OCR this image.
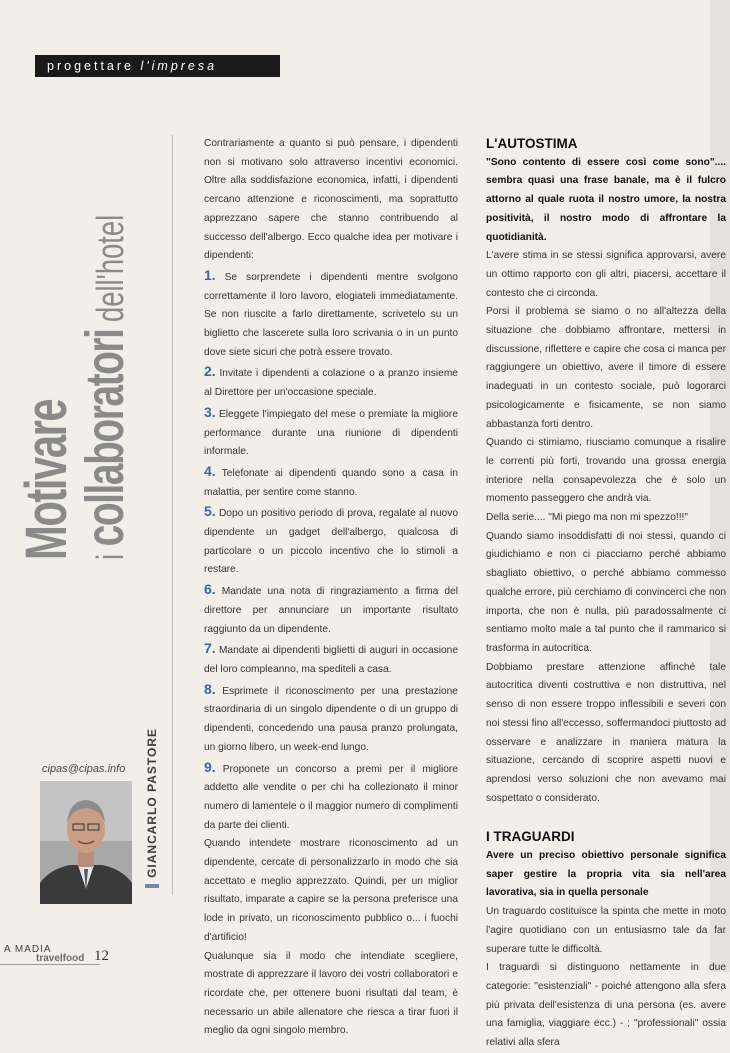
progettare l'impresa
Motivare i collaboratori dell'hotel
cipas@cipas.info GIANCARLO PASTORE

Contrariamente a quanto si può pensare, i dipendenti non si motivano solo attraverso incentivi economici. Oltre alla soddisfazione economica, infatti, i dipendenti cercano attenzione e riconoscimenti, ma soprattutto apprezzano sapere che stanno contribuendo al successo dell'albergo. Ecco qualche idea per motivare i dipendenti:

1. Se sorprendete i dipendenti mentre svolgono correttamente il loro lavoro, elogiateli immediatamente. Se non riuscite a farlo direttamente, scrivetelo su un biglietto che lascerete sulla loro scrivania o in un punto dove siete sicuri che potrà essere trovato.

2. Invitate i dipendenti a colazione o a pranzo insieme al Direttore per un'occasione speciale.

3. Eleggete l'impiegato del mese o premiate la migliore performance durante una riunione di dipendenti informale.

4. Telefonate ai dipendenti quando sono a casa in malattia, per sentire come stanno.

5. Dopo un positivo periodo di prova, regalate al nuovo dipendente un gadget dell'albergo, qualcosa di particolare o un piccolo incentivo che lo stimoli a restare.

6. Mandate una nota di ringraziamento a firma del direttore per annunciare un importante risultato raggiunto da un dipendente.

7. Mandate ai dipendenti biglietti di auguri in occasione del loro compleanno, ma spediteli a casa.

8. Esprimete il riconoscimento per una prestazione straordinaria di un singolo dipendente o di un gruppo di dipendenti, concedendo una pausa pranzo prolungata, un giorno libero, un week-end lungo.

9. Proponete un concorso a premi per il migliore addetto alle vendite o per chi ha collezionato il minor numero di lamentele o il maggior numero di complimenti da parte dei clienti.

Quando intendete mostrare riconoscimento ad un dipendente, cercate di personalizzarlo in modo che sia accettato e meglio apprezzato. Quindi, per un miglior risultato, imparate a capire se la persona preferisce una lode in privato, un riconoscimento pubblico o... i fuochi d'artificio!

Qualunque sia il modo che intendiate scegliere, mostrate di apprezzare il lavoro dei vostri collaboratori e ricordate che, per ottenere buoni risultati dal team, è necessario un abile allenatore che riesca a tirar fuori il meglio da ogni singolo membro.

L'AUTOSTIMA

"Sono contento di essere così come sono".... sembra quasi una frase banale, ma è il fulcro attorno al quale ruota il nostro umore, la nostra positività, il nostro modo di affrontare la quotidianità.

L'avere stima in se stessi significa approvarsi, avere un ottimo rapporto con gli altri, piacersi, accettare il contesto che ci circonda.

Porsi il problema se siamo o no all'altezza della situazione che dobbiamo affrontare, mettersi in discussione, riflettere e capire che cosa ci manca per raggiungere un obiettivo, avere il timore di essere inadeguati in un contesto sociale, può logorarci psicologicamente e fisicamente, se non siamo abbastanza forti dentro.

Quando ci stimiamo, riusciamo comunque a risalire le correnti più forti, trovando una grossa energia interiore nella consapevolezza che è solo un momento passeggero che andrà via.

Della serie.... "Mi piego ma non mi spezzo!!!"

Quando siamo insoddisfatti di noi stessi, quando ci giudichiamo e non ci piacciamo perché abbiamo sbagliato obiettivo, o perché abbiamo commesso qualche errore, più cerchiamo di convincerci che non importa, che non è nulla, più paradossalmente ci sentiamo molto male a tal punto che il rammarico si trasforma in autocritica.

Dobbiamo prestare attenzione affinché tale autocritica diventi costruttiva e non distruttiva, nel senso di non essere troppo inflessibili e severi con noi stessi fino all'eccesso, soffermandoci piuttosto ad osservare e analizzare in maniera matura la situazione, cercando di scoprire aspetti nuovi e aprendosi verso soluzioni che non avevamo mai sospettato o considerato.

I TRAGUARDI

Avere un preciso obiettivo personale significa saper gestire la propria vita sia nell'area lavorativa, sia in quella personale

Un traguardo costituisce la spinta che mette in moto l'agire quotidiano con un entusiasmo tale da far superare tutte le difficoltà.

I traguardi si distinguono nettamente in due categorie: "esistenziali" - poiché attengono alla sfera più privata dell'esistenza di una persona (es. avere una famiglia, viaggiare ecc.) - ; "professionali" ossia relativi alla sfera

A MADIA
travelfood 12
